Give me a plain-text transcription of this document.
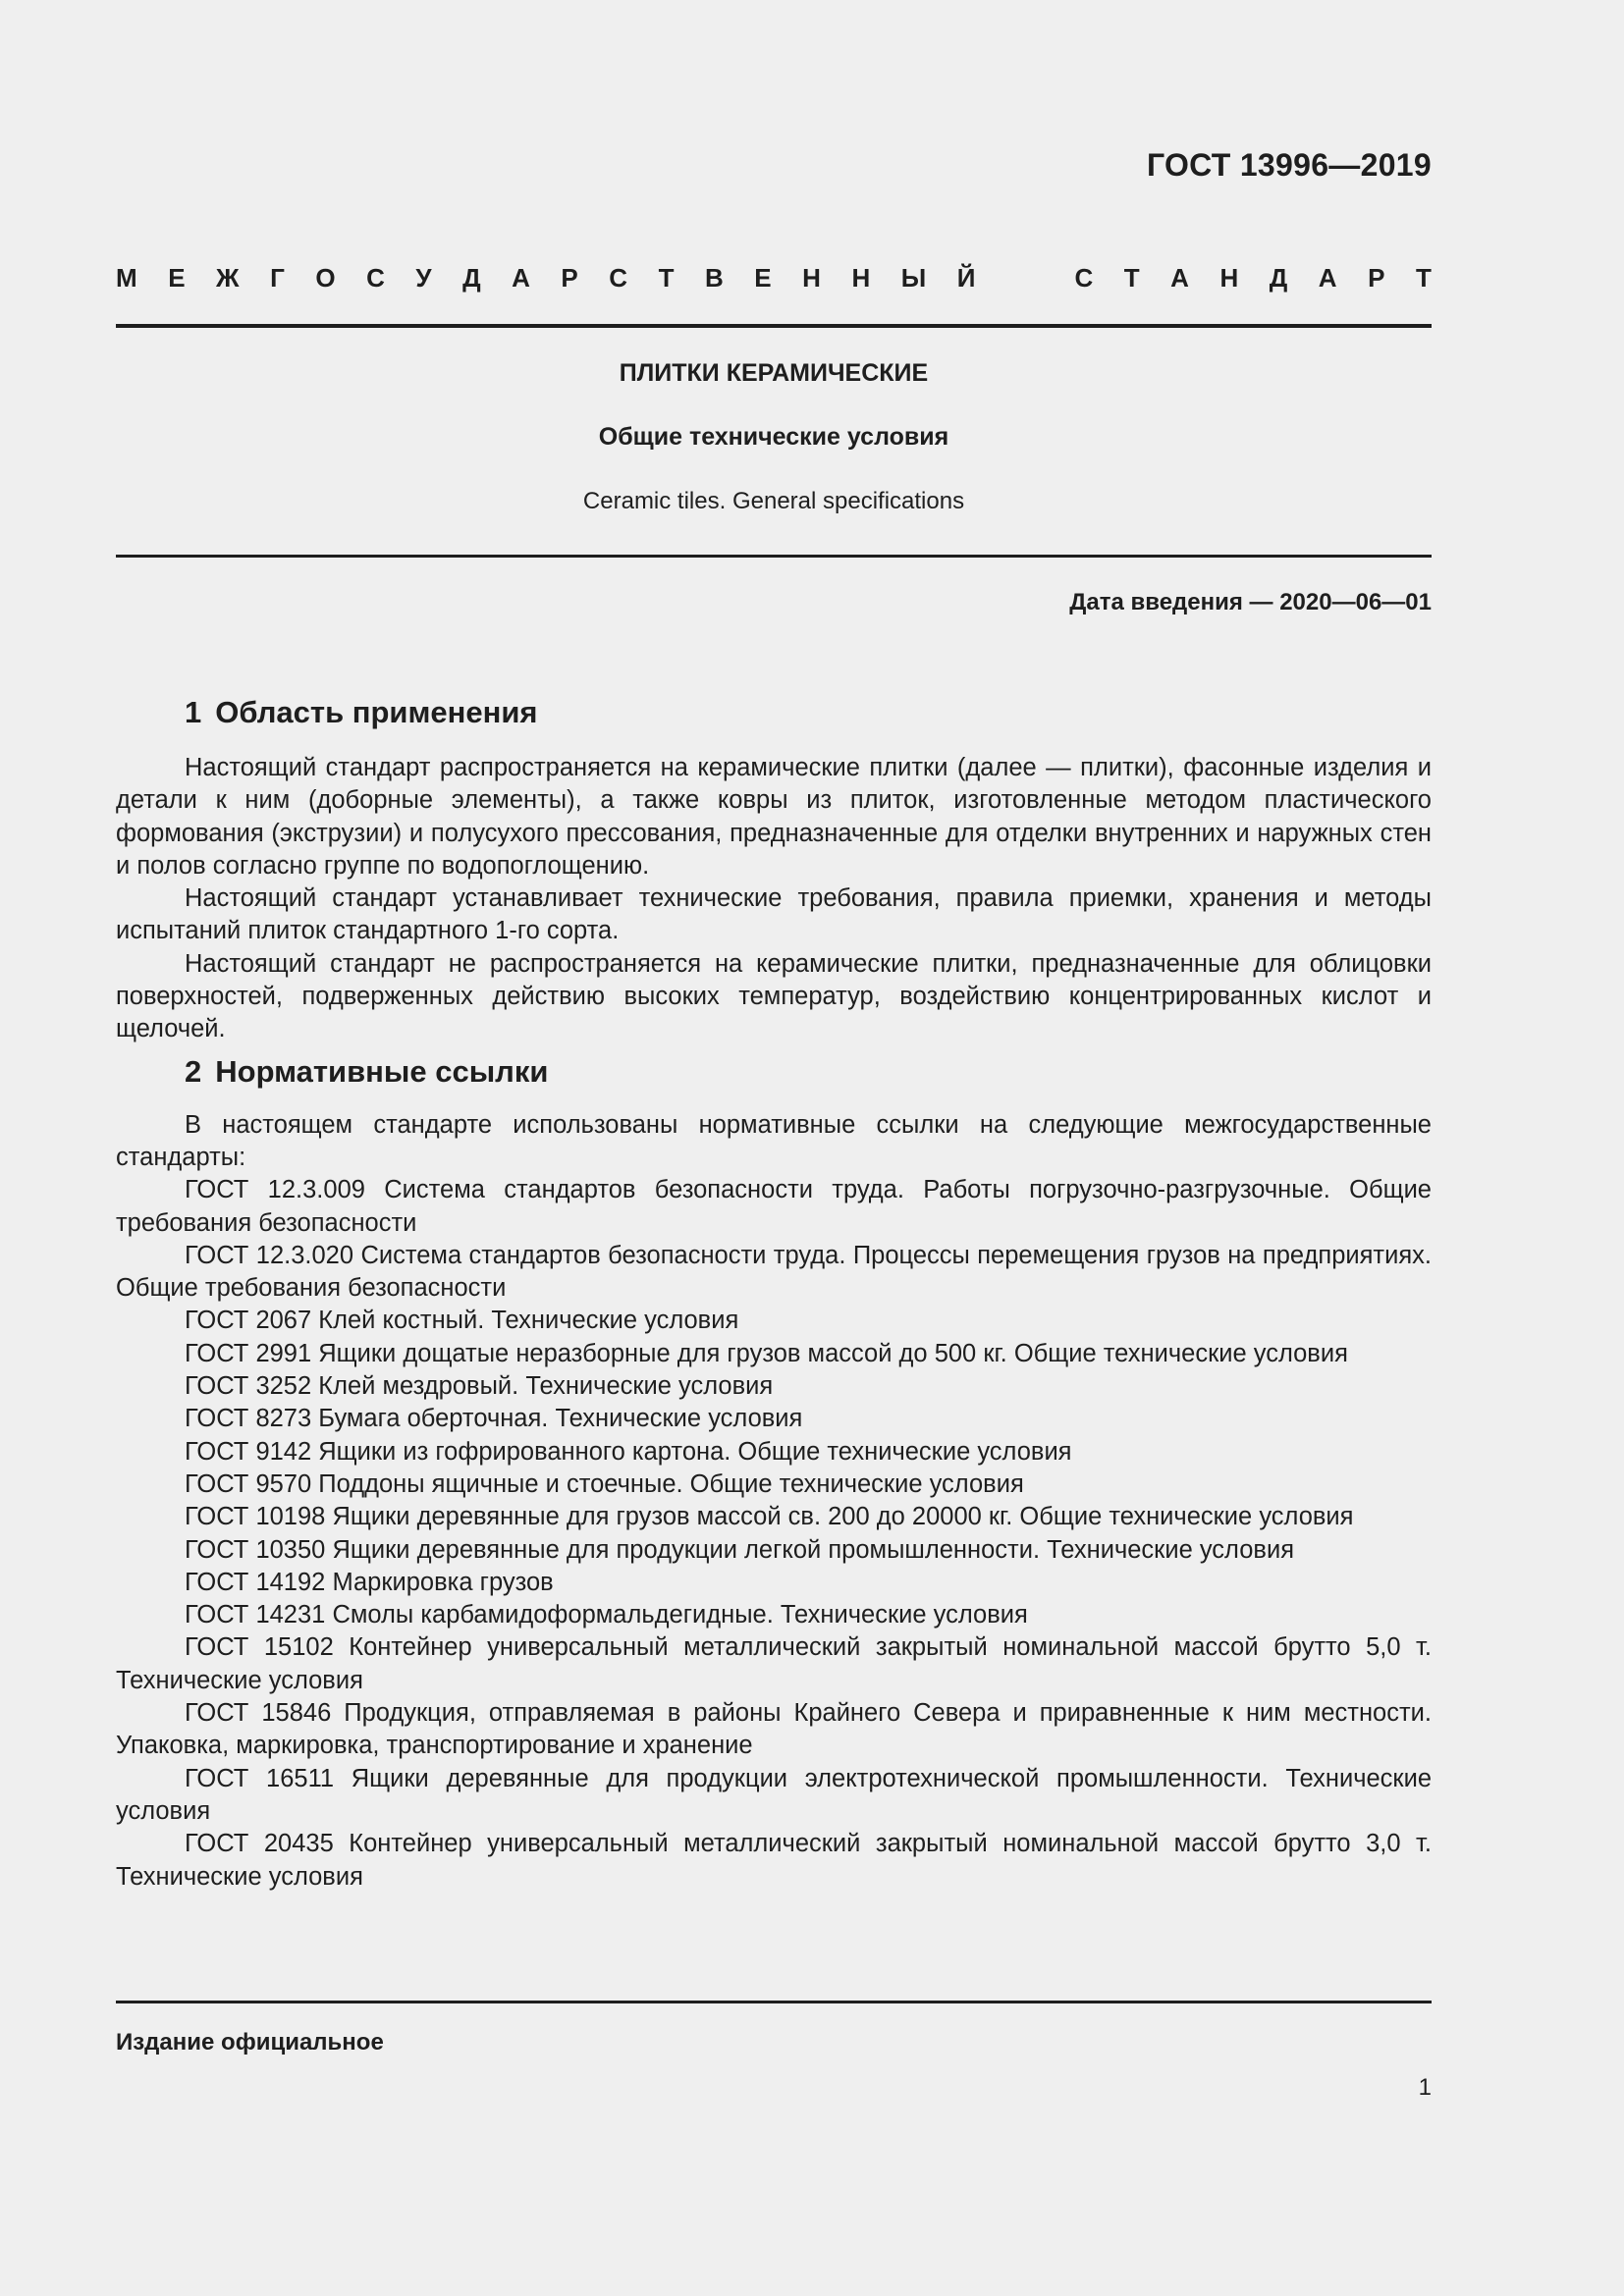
ГОСТ 13996—2019
М Е Ж Г О С У Д А Р С Т В Е Н Н Ы Й	С Т А Н Д А Р Т
ПЛИТКИ КЕРАМИЧЕСКИЕ
Общие технические условия
Ceramic tiles. General specifications
Дата введения — 2020—06—01
1 Область применения

Настоящий стандарт распространяется на керамические плитки (далее — плитки), фасонные изделия и детали к ним (доборные элементы), а также ковры из плиток, изготовленные методом пластического формования (экструзии) и полусухого прессования, предназначенные для отделки внутренних и наружных стен и полов согласно группе по водопоглощению.

Настоящий стандарт устанавливает технические требования, правила приемки, хранения и методы испытаний плиток стандартного 1-го сорта.

Настоящий стандарт не распространяется на керамические плитки, предназначенные для облицовки поверхностей, подверженных действию высоких температур, воздействию концентрированных кислот и щелочей.

2 Нормативные ссылки

В настоящем стандарте использованы нормативные ссылки на следующие межгосударственные стандарты:

ГОСТ 12.3.009 Система стандартов безопасности труда. Работы погрузочно-разгрузочные. Общие требования безопасности

ГОСТ 12.3.020 Система стандартов безопасности труда. Процессы перемещения грузов на предприятиях. Общие требования безопасности

ГОСТ 2067 Клей костный. Технические условия

ГОСТ 2991 Ящики дощатые неразборные для грузов массой до 500 кг. Общие технические условия

ГОСТ 3252 Клей мездровый. Технические условия

ГОСТ 8273 Бумага оберточная. Технические условия

ГОСТ 9142 Ящики из гофрированного картона. Общие технические условия

ГОСТ 9570 Поддоны ящичные и стоечные. Общие технические условия

ГОСТ 10198 Ящики деревянные для грузов массой св. 200 до 20000 кг. Общие технические условия

ГОСТ 10350 Ящики деревянные для продукции легкой промышленности. Технические условия

ГОСТ 14192 Маркировка грузов

ГОСТ 14231 Смолы карбамидоформальдегидные. Технические условия

ГОСТ 15102 Контейнер универсальный металлический закрытый номинальной массой брутто 5,0 т. Технические условия

ГОСТ 15846 Продукция, отправляемая в районы Крайнего Севера и приравненные к ним местности. Упаковка, маркировка, транспортирование и хранение

ГОСТ 16511 Ящики деревянные для продукции электротехнической промышленности. Технические условия

ГОСТ 20435 Контейнер универсальный металлический закрытый номинальной массой брутто 3,0 т. Технические условия

Издание официальное
1
